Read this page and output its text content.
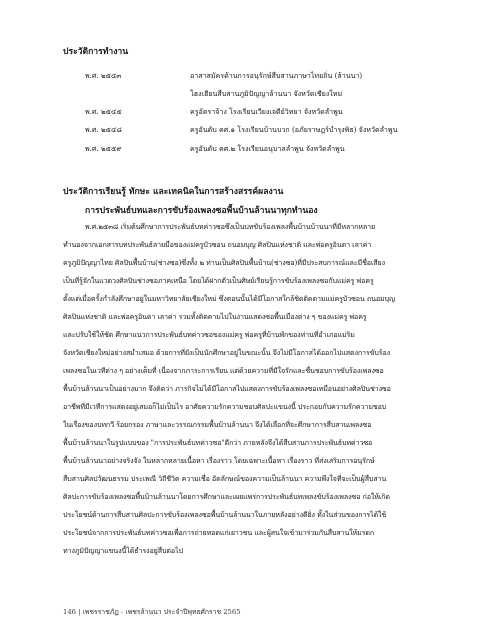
ประวัติการทำงาน
พ.ศ. ๒๕๔๓	อาสาสมัครด้านการอนุรักษ์สืบสานภาษาไทยถิ่น (ล้านนา)
โฮงเฮียนสืบสานภูมิปัญญาล้านนา จังหวัดเชียงใหม่
พ.ศ. ๒๕๔๕	ครูอัตราจ้าง โรงเรียนเวียงเจดีย์วิทยา จังหวัดลำพูน
พ.ศ. ๒๕๔๘	ครูอันดับ คศ.๑ โรงเรียนบ้านบวก (อภัยราษฎร์บำรุงพิธ) จังหวัดลำพูน
พ.ศ. ๒๕๕๙	ครูอันดับ คศ.๒ โรงเรียนอนุบาลลำพูน จังหวัดลำพูน
ประวัติการเรียนรู้ ทักษะ และเทคนิคในการสร้างสรรค์ผลงาน
การประพันธ์บทและการขับร้องเพลงซอพื้นบ้านล้านนาทุกทำนอง
พ.ศ.๒๕๓๘ เริ่มต้นศึกษาการประพันธ์บทค่าวซอซึ่งเป็นบทขับร้องเพลงพื้นบ้านบ้านนาที่มีหลากหลาย
ทำนองจากเอกสารบทประพันธ์ลายมือของแม่ครูบัวซอน ถนอมบุญ ศิลปินแห่งชาติ และพ่อครูอินตา เลาค่า
ครูภูมิปัญญาไทย ศิลปินพื้นบ้าน(ช่างซอ)ซึ่งทั้ง ๒ ท่านเป็นศิลปินพื้นบ้าน(ช่างซอ)ที่มีประสบการณ์และมีชื่อเสียง
เป็นที่รู้จักในแวดวงศิลปินช่างซอภาคเหนือ โดยได้ฝากตัวเป็นศิษย์เรียนรู้การขับร้องเพลงซอกับแม่ครู พ่อครู
ตั้งแต่เมื่อครั้งกำลังศึกษาอยู่ในมหาวิทยาลัยเชียงใหม่ ซึ่งตอนนั้นได้มีโอกาสใกล้ชิดติดตามแม่ครูบัวซอน ถนอมบุญ
ศิลปินแห่งชาติ และพ่อครูอินตา เลาค่า รวมทั้งติดตามไปในงานแสดงซอพื้นเมืองต่าง ๆ ของแม่ครู พ่อครู
และปรับใช้ให้ชัด ศึกษาแนวการประพันธ์บทค่าวซอของแม่ครู พ่อครูที่บ้านพักของท่านที่อำเภอแม่ริม
จังหวัดเชียงใหม่อย่างสม่ำเสมอ ด้วยการที่ยังเป็นนักศึกษาอยู่ในขณะนั้น จึงไม่มีโอกาสได้ออกไปแสดงการขับร้อง
เพลงซอในเวทีต่าง ๆ อย่างเต็มที่ เนื่องจากภาระการเรียน แต่ด้วยความที่มีใจรักและชื่นชอบการขับร้องเพลงซอ
พื้นบ้านล้านนาเป็นอย่างมาก จึงคิดว่า ภารกิจไม่ได้มีโอกาสไปแสดงการขับร้องเพลงซอเหมือนอย่างศิลปินช่างซอ
อาชีพที่มีเวทีการแสดงอยู่เสมอก็ไม่เป็นไร อาศัยความรักความชอบศิลปะแขนงนี้ ประกอบกับความรักความชอบ
ในเรื่องของบทกวี ร้อยกรอง ภาษาและวรรณกรรมพื้นบ้านล้านนา จึงได้เลือกที่จะศึกษาการสืบสานเพลงซอ
พื้นบ้านล้านนาในรูปแบบของ "การประพันธ์บทค่าวซอ"ดีกว่า ภายหลังจึงได้สืบสานการประพันธ์บทค่าวซอ
พื้นบ้านล้านนาอย่างจริงจัง ในหลากหลายเนื้อหา เรื่องราว โดยเฉพาะเนื้อหา เรื่องราว ที่ส่งเสริมการอนุรักษ์
สืบสานศิลปวัฒนธรรม ประเพณี วิถีชีวิต ความเชื่อ อัตลักษณ์ของความเป็นล้านนา ความพึงใจที่จะเป็นผู้สืบสาน
ศิลปะการขับร้องเพลงซอพื้นบ้านล้านนาโดยการศึกษาและเผยแพร่การประพันธ์บทเพลงขับร้องเพลงซอ ก่อให้เกิด
ประโยชน์ด้านการสืบสานศิลปะการขับร้องเพลงซอพื้นบ้านล้านนาในภายหลังอย่างดียิ่ง ทั้งในส่วนของการได้ใช้
ประโยชน์จากการประพันธ์บทค่าวซอเพื่อการถ่ายทอดแก่เยาวชน และผู้สนใจเข้ามาร่วมกันสืบสานให้มรดก
ทางภูมิปัญญาแขนงนี้ได้ธำรงอยู่สืบต่อไป
146 | เพชรราชภัฏ - เพชรล้านนา ประจำปีพุทธศักราช 2565
